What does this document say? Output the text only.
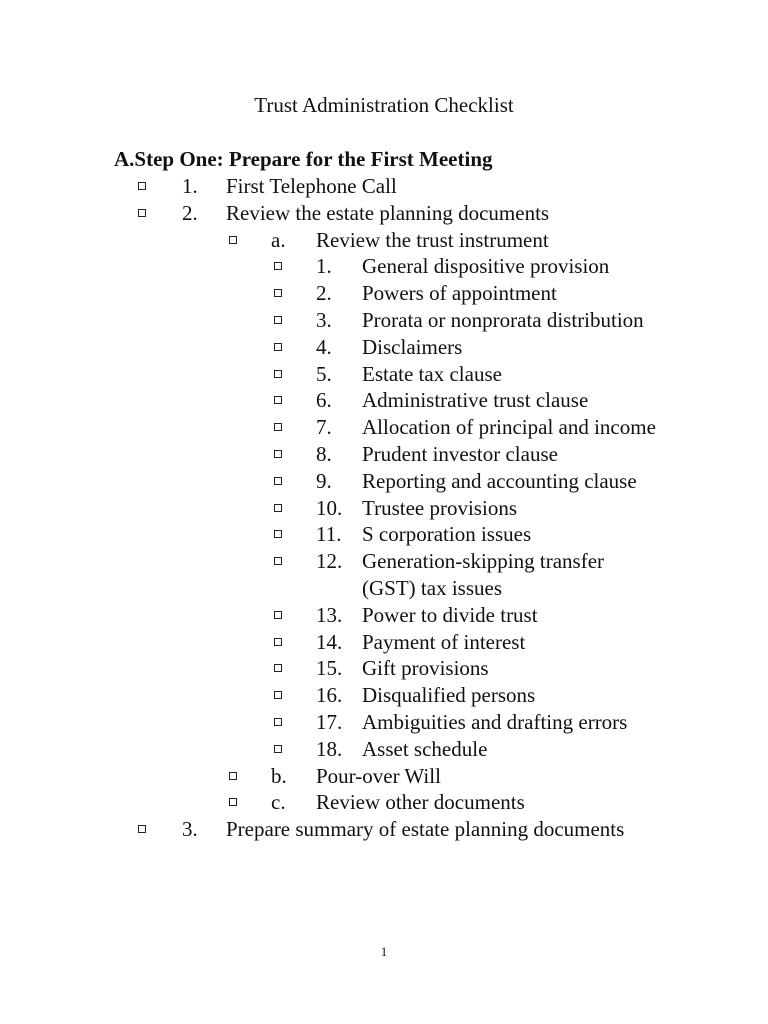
Trust Administration Checklist
A.Step One: Prepare for the First Meeting
1. First Telephone Call
2. Review the estate planning documents
a. Review the trust instrument
1. General dispositive provision
2. Powers of appointment
3. Prorata or nonprorata distribution
4. Disclaimers
5. Estate tax clause
6. Administrative trust clause
7. Allocation of principal and income
8. Prudent investor clause
9. Reporting and accounting clause
10. Trustee provisions
11. S corporation issues
12. Generation-skipping transfer
(GST) tax issues
13. Power to divide trust
14. Payment of interest
15. Gift provisions
16. Disqualified persons
17. Ambiguities and drafting errors
18. Asset schedule
b. Pour-over Will
c. Review other documents
3. Prepare summary of estate planning documents
1
